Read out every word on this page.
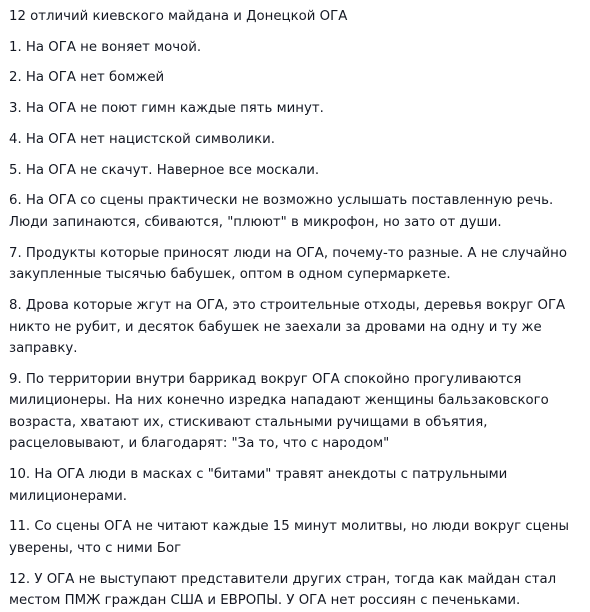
12 отличий киевского майдана и Донецкой ОГА
1. На ОГА не воняет мочой.
2. На ОГА нет бомжей
3. На ОГА не поют гимн каждые пять минут.
4. На ОГА нет нацистской символики.
5. На ОГА не скачут. Наверное все москали.
6. На ОГА со сцены практически не возможно услышать поставленную речь. Люди запинаются, сбиваются, "плюют" в микрофон, но зато от души.
7. Продукты которые приносят люди на ОГА, почему-то разные. А не случайно закупленные тысячью бабушек, оптом в одном супермаркете.
8. Дрова которые жгут на ОГА, это строительные отходы, деревья вокруг ОГА никто не рубит, и десяток бабушек не заехали за дровами на одну и ту же заправку.
9. По территории внутри баррикад вокруг ОГА спокойно прогуливаются милиционеры. На них конечно изредка нападают женщины бальзаковского возраста, хватают их, стискивают стальными ручищами в объятия, расцеловывают, и благодарят: "За то, что с народом"
10. На ОГА люди в масках с "битами" травят анекдоты с патрульными милиционерами.
11. Со сцены ОГА не читают каждые 15 минут молитвы, но люди вокруг сцены уверены, что с ними Бог
12. У ОГА не выступают представители других стран, тогда как майдан стал местом ПМЖ граждан США и ЕВРОПЫ. У ОГА нет россиян с печеньками.
